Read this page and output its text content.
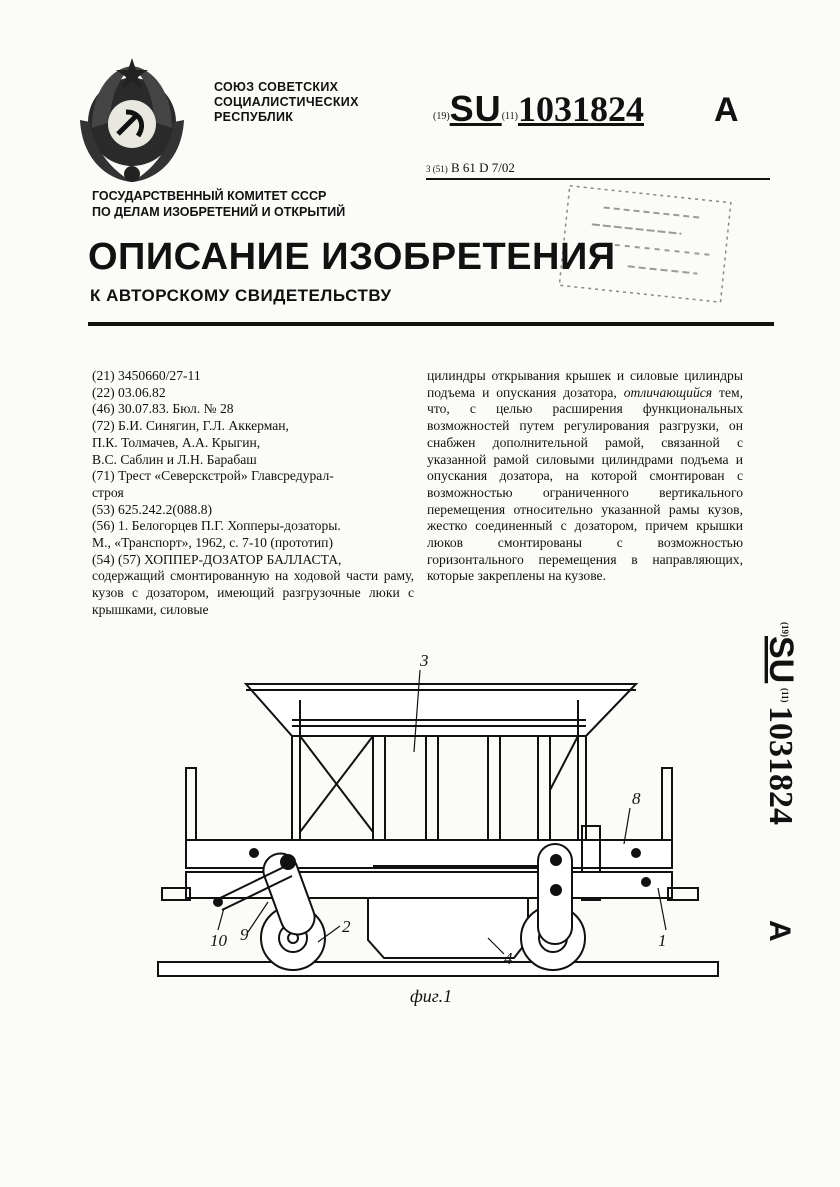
СОЮЗ СОВЕТСКИХ
СОЦИАЛИСТИЧЕСКИХ
РЕСПУБЛИК	(19)SU(11)1031824 A
3 (51) B 61 D 7/02
ГОСУДАРСТВЕННЫЙ КОМИТЕТ СССР
ПО ДЕЛАМ ИЗОБРЕТЕНИЙ И ОТКРЫТИЙ
ОПИСАНИЕ ИЗОБРЕТЕНИЯ
К АВТОРСКОМУ СВИДЕТЕЛЬСТВУ
(21) 3450660/27-11
(22) 03.06.82
(46) 30.07.83. Бюл. № 28
(72) Б.И. Синягин, Г.Л. Аккерман,
П.К. Толмачев, А.А. Крыгин,
В.С. Саблин и Л.Н. Барабаш
(71) Трест «Северскстрой» Главсредурал-
строя
(53) 625.242.2(088.8)
(56) 1. Белогорцев П.Г. Хопперы-дозаторы.
М., «Транспорт», 1962, с. 7-10 (прототип)
(54) (57) ХОППЕР-ДОЗАТОР БАЛЛАСТА,
содержащий смонтированную на ходовой части раму, кузов с дозатором, имеющий разгрузочные люки с крышками, силовые
цилиндры открывания крышек и силовые цилиндры подъема и опускания дозатора, отличающийся тем, что, с целью расширения функциональных возможностей путем регулирования разгрузки, он снабжен дополнительной рамой, связанной с указанной рамой силовыми цилиндрами подъема и опускания дозатора, на которой смонтирован с возможностью ограниченного вертикального перемещения относительно указанной рамы кузов, жестко соединенный с дозатором, причем крышки люков смонтированы с возможностью горизонтального перемещения в направляющих, которые закреплены на кузове.
(19)
SU
(11)
1031824
A
3
8
2
1
4
10 9
фиг.1
